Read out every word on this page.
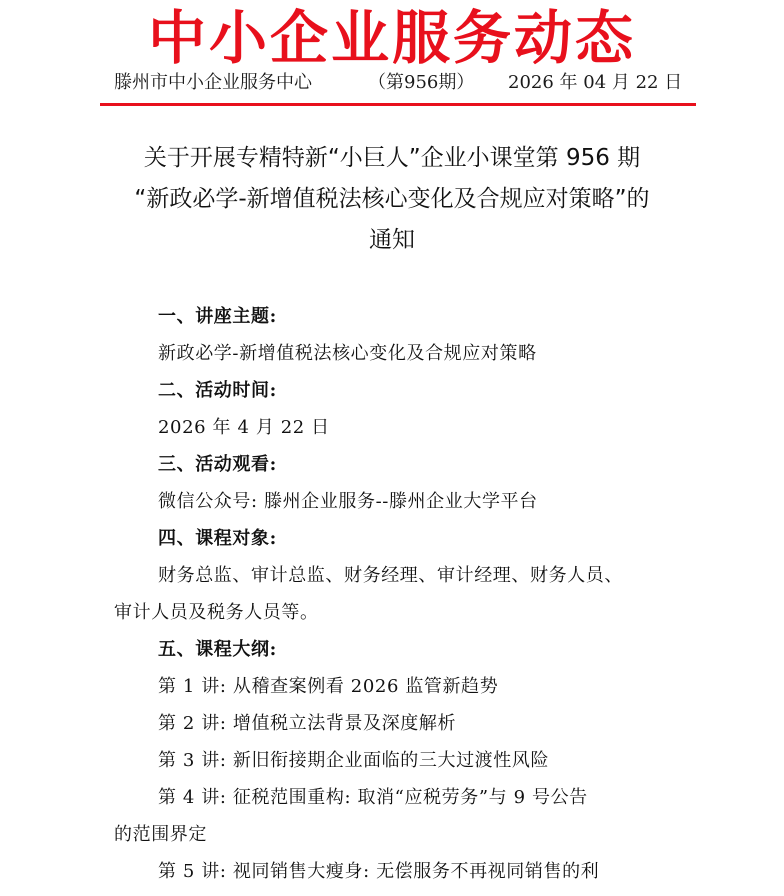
中小企业服务动态
滕州市中小企业服务中心	（第956期） 2026 年 04 月 22 日
关于开展专精特新“小巨人”企业小课堂第 956 期
“新政必学-新增值税法核心变化及合规应对策略”的
通知
一、讲座主题:
新政必学-新增值税法核心变化及合规应对策略
二、活动时间:
2026 年 4 月 22 日
三、活动观看:
微信公众号: 滕州企业服务--滕州企业大学平台
四、课程对象:
财务总监、审计总监、财务经理、审计经理、财务人员、
审计人员及税务人员等。
五、课程大纲:
第 1 讲: 从稽查案例看 2026 监管新趋势
第 2 讲: 增值税立法背景及深度解析
第 3 讲: 新旧衔接期企业面临的三大过渡性风险
第 4 讲: 征税范围重构: 取消“应税劳务”与 9 号公告
的范围界定
第 5 讲: 视同销售大瘦身: 无偿服务不再视同销售的利
